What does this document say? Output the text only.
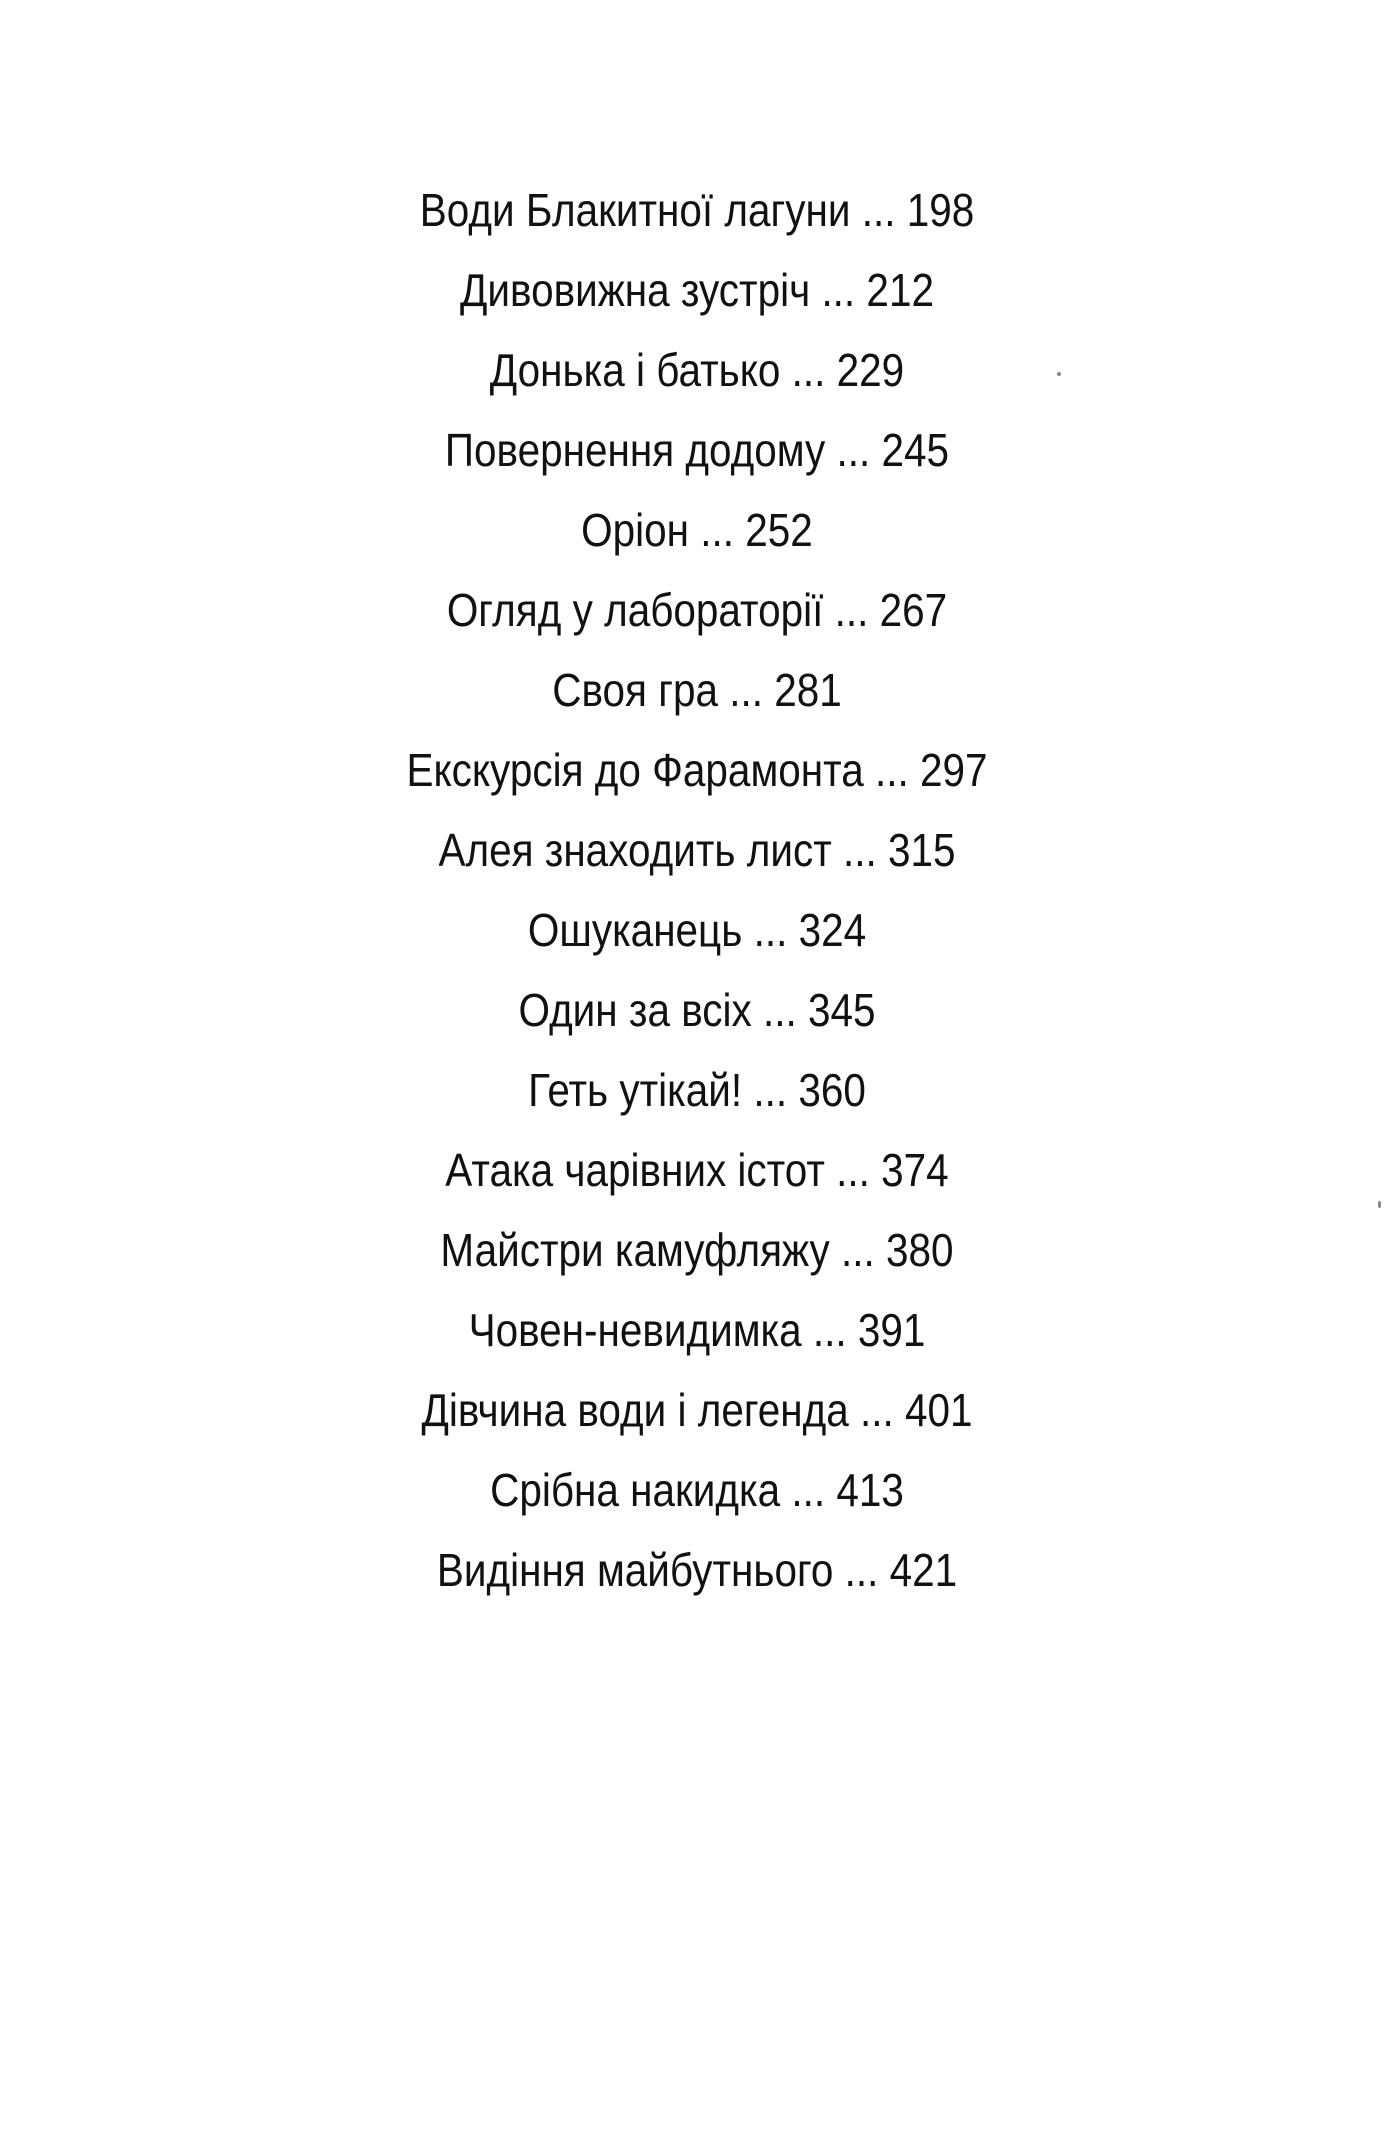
Води Блакитної лагуни ... 198
Дивовижна зустріч ... 212
Донька і батько ... 229
Повернення додому ... 245
Оріон ... 252
Огляд у лабораторії ... 267
Своя гра ... 281
Екскурсія до Фарамонта ... 297
Алея знаходить лист ... 315
Ошуканець ... 324
Один за всіх ... 345
Геть утікай! ... 360
Атака чарівних істот ... 374
Майстри камуфляжу ... 380
Човен-невидимка ... 391
Дівчина води і легенда ... 401
Срібна накидка ... 413
Видіння майбутнього ... 421
